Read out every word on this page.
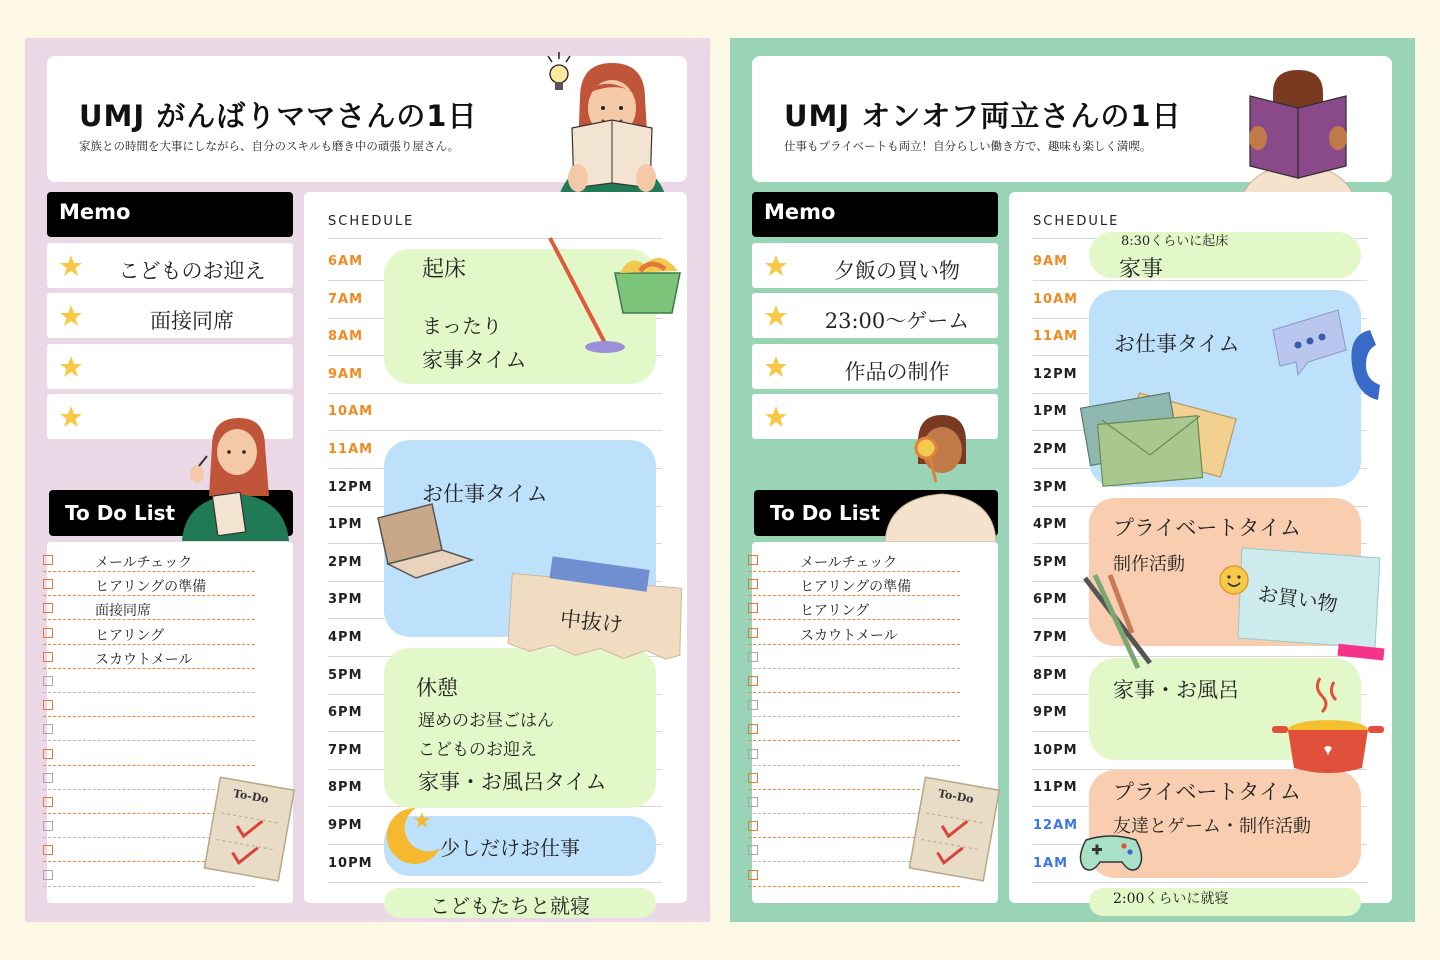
UMJ がんばりママさんの1日
家族との時間を大事にしながら、自分のスキルも磨き中の頑張り屋さん。
Memo
こどものお迎え
面接同席
To Do List
メールチェック
ヒアリングの準備
面接同席
ヒアリング
スカウトメール
To-Do
SCHEDULE
6AM
7AM
8AM
9AM
10AM
11AM
12PM
1PM
2PM
3PM
4PM
5PM
6PM
7PM
8PM
9PM
10PM
起床
まったり
家事タイム
お仕事タイム
休憩
遅めのお昼ごはん
こどものお迎え
家事・お風呂タイム
少しだけお仕事
こどもたちと就寝
中抜け
UMJ オンオフ両立さんの1日
仕事もプライベートも両立！自分らしい働き方で、趣味も楽しく満喫。
Memo
夕飯の買い物
23:00〜ゲーム
作品の制作
To Do List
メールチェック
ヒアリングの準備
ヒアリング
スカウトメール
To-Do
SCHEDULE
9AM
10AM
11AM
12PM
1PM
2PM
3PM
4PM
5PM
6PM
7PM
8PM
9PM
10PM
11PM
12AM
1AM
8:30くらいに起床
家事
お仕事タイム
プライベートタイム
制作活動
家事・お風呂
プライベートタイム
友達とゲーム・制作活動
2:00くらいに就寝
お買い物
